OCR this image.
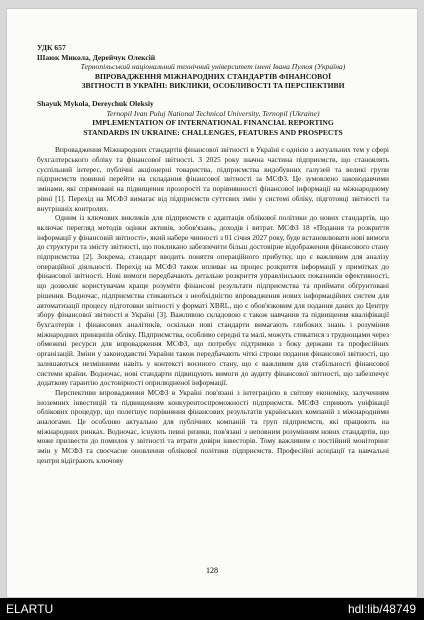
УДК 657

Шаюк Микола, Дерейчук Олексій

Тернопільський національний технічний університет імені Івана Пулюя (Україна)

ВПРОВАДЖЕННЯ МІЖНАРОДНИХ СТАНДАРТІВ ФІНАНСОВОЇ

ЗВІТНОСТІ В УКРАЇНІ: ВИКЛИКИ, ОСОБЛИВОСТІ ТА ПЕРСПЕКТИВИ

Shayuk Mykola, Dereychuk Oleksiy

Ternopil Ivan Puluj National Technical University, Ternopil (Ukraine)

IMPLEMENTATION OF INTERNATIONAL FINANCIAL REPORTING

STANDARDS IN UKRAINE: CHALLENGES, FEATURES AND PROSPECTS

Впровадження Міжнародних стандартів фінансової звітності в Україні є однією з актуальних тем у сфері бухгалтерського обліку та фінансової звітності. З 2025 року значна частина підприємств, що становлять суспільний інтерес, публічні акціонерні товариства, підприємства видобувних галузей та великі групи підприємств повинні перейти на складання фінансової звітності за МСФЗ. Це зумовлено законодавчими змінами, які спрямовані на підвищення прозорості та порівнянності фінансової інформації на міжнародному рівні [1]. Перехід на МСФЗ вимагає від підприємств суттєвих змін у системі обліку, підготовці звітності та внутрішніх контролях.

Одним із ключових викликів для підприємств є адаптація облікової політики до нових стандартів, що включає перегляд методів оцінки активів, зобов'язань, доходів і витрат. МСФЗ 18 «Подання та розкриття інформації у фінансовій звітності», який набере чинності з 01 січня 2027 року, буде встановлювати нові вимоги до структури та змісту звітності, що покликано забезпечити більш достовірне відображення фінансового стану підприємства [2]. Зокрема, стандарт вводить поняття операційного прибутку, що є важливим для аналізу операційної діяльності. Перехід на МСФЗ також впливає на процес розкриття інформації у примітках до фінансової звітності. Нові вимоги передбачають детальне розкриття управлінських показників ефективності, що дозволяє користувачам краще розуміти фінансові результати підприємства та приймати обґрунтовані рішення. Водночас, підприємства стикаються з необхідністю впровадження нових інформаційних систем для автоматизації процесу підготовки звітності у форматі XBRL, що є обов'язковим для подання даних до Центру збору фінансової звітності в Україні [3]. Важливою складовою є також навчання та підвищення кваліфікації бухгалтерів і фінансових аналітиків, оскільки нові стандарти вимагають глибоких знань і розуміння міжнародних принципів обліку. Підприємства, особливо середні та малі, можуть стикатися з труднощами через обмежені ресурси для впровадження МСФЗ, що потребує підтримки з боку держави та професійних організацій. Зміни у законодавстві України також передбачають чіткі строки подання фінансової звітності, що залишаються незмінними навіть у контексті воєнного стану, що є важливим для стабільності фінансової системи країни. Водночас, нові стандарти підвищують вимоги до аудиту фінансової звітності, що забезпечує додаткову гарантію достовірності оприлюдненої інформації.

Перспективи впровадження МСФЗ в Україні пов'язані з інтеграцією в світову економіку, залученням іноземних інвестицій та підвищенням конкурентоспроможності підприємств. МСФЗ сприяють уніфікації облікових процедур, що полегшує порівняння фінансових результатів українських компаній з міжнародними аналогами. Це особливо актуально для публічних компаній та груп підприємств, які працюють на міжнародних ринках. Водночас, існують певні ризики, пов'язані з неповним розумінням нових стандартів, що може призвести до помилок у звітності та втрати довіри інвесторів. Тому важливим є постійний моніторинг змін у МСФЗ та своєчасне оновлення облікової політики підприємств. Професійні асоціації та навчальні центри відіграють ключову

128
ELARTU	hdl:lib/48749
